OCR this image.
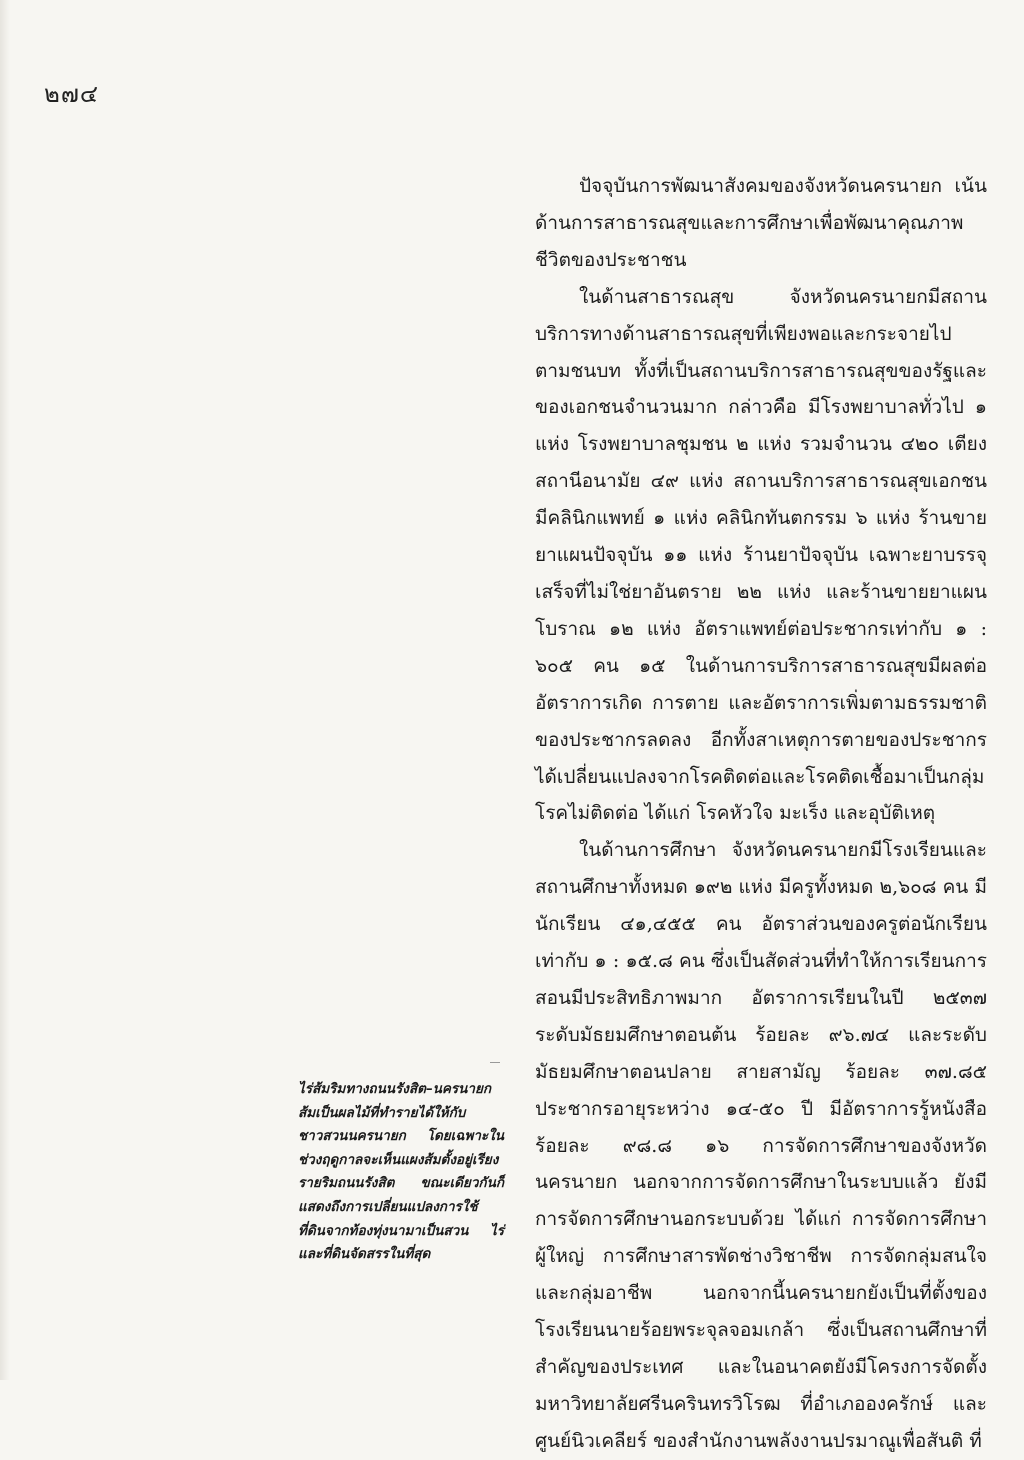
๒๗๔

ปัจจุบันการพัฒนาสังคมของจังหวัดนครนายก เน้นด้านการสาธารณสุขและการศึกษาเพื่อพัฒนาคุณภาพชีวิตของประชาชน

ในด้านสาธารณสุข จังหวัดนครนายกมีสถานบริการทางด้านสาธารณสุขที่เพียงพอและกระจายไปตามชนบท ทั้งที่เป็นสถานบริการสาธารณสุขของรัฐและของเอกชนจำนวนมาก กล่าวคือ มีโรงพยาบาลทั่วไป ๑ แห่ง โรงพยาบาลชุมชน ๒ แห่ง รวมจำนวน ๔๒๐ เตียง สถานีอนามัย ๔๙ แห่ง สถานบริการสาธารณสุขเอกชน มีคลินิกแพทย์ ๑ แห่ง คลินิกทันตกรรม ๖ แห่ง ร้านขายยาแผนปัจจุบัน ๑๑ แห่ง ร้านยาปัจจุบัน เฉพาะยาบรรจุเสร็จที่ไม่ใช่ยาอันตราย ๒๒ แห่ง และร้านขายยาแผนโบราณ ๑๒ แห่ง อัตราแพทย์ต่อประชากรเท่ากับ ๑ : ๖๐๕ คน ๑๕ ในด้านการบริการสาธารณสุขมีผลต่ออัตราการเกิด การตาย และอัตราการเพิ่มตามธรรมชาติของประชากรลดลง อีกทั้งสาเหตุการตายของประชากรได้เปลี่ยนแปลงจากโรคติดต่อและโรคติดเชื้อมาเป็นกลุ่มโรคไม่ติดต่อ ได้แก่ โรคหัวใจ มะเร็ง และอุบัติเหตุ

ในด้านการศึกษา จังหวัดนครนายกมีโรงเรียนและสถานศึกษาทั้งหมด ๑๙๒ แห่ง มีครูทั้งหมด ๒,๖๐๘ คน มีนักเรียน ๔๑,๔๕๕ คน อัตราส่วนของครูต่อนักเรียนเท่ากับ ๑ : ๑๕.๘ คน ซึ่งเป็นสัดส่วนที่ทำให้การเรียนการสอนมีประสิทธิภาพมาก อัตราการเรียนในปี ๒๕๓๗ ระดับมัธยมศึกษาตอนต้น ร้อยละ ๙๖.๗๔ และระดับมัธยมศึกษาตอนปลาย สายสามัญ ร้อยละ ๓๗.๘๕ ประชากรอายุระหว่าง ๑๔-๕๐ ปี มีอัตราการรู้หนังสือ ร้อยละ ๙๘.๘ ๑๖ การจัดการศึกษาของจังหวัดนครนายก นอกจากการจัดการศึกษาในระบบแล้ว ยังมีการจัดการศึกษานอกระบบด้วย ได้แก่ การจัดการศึกษาผู้ใหญ่ การศึกษาสารพัดช่างวิชาชีพ การจัดกลุ่มสนใจและกลุ่มอาชีพ นอกจากนี้นครนายกยังเป็นที่ตั้งของโรงเรียนนายร้อยพระจุลจอมเกล้า ซึ่งเป็นสถานศึกษาที่สำคัญของประเทศ และในอนาคตยังมีโครงการจัดตั้งมหาวิทยาลัยศรีนครินทรวิโรฒ ที่อำเภอองครักษ์ และศูนย์นิวเคลียร์ ของสำนักงานพลังงานปรมาณูเพื่อสันติ ที่

ไร่ส้มริมทางถนนรังสิต–นครนายก ส้มเป็นผลไม้ที่ทำรายได้ให้กับชาวสวนนครนายก โดยเฉพาะในช่วงฤดูกาลจะเห็นแผงส้มตั้งอยู่เรียงรายริมถนนรังสิต ขณะเดียวกันก็แสดงถึงการเปลี่ยนแปลงการใช้ที่ดินจากท้องทุ่งนามาเป็นสวน ไร่ และที่ดินจัดสรรในที่สุด
